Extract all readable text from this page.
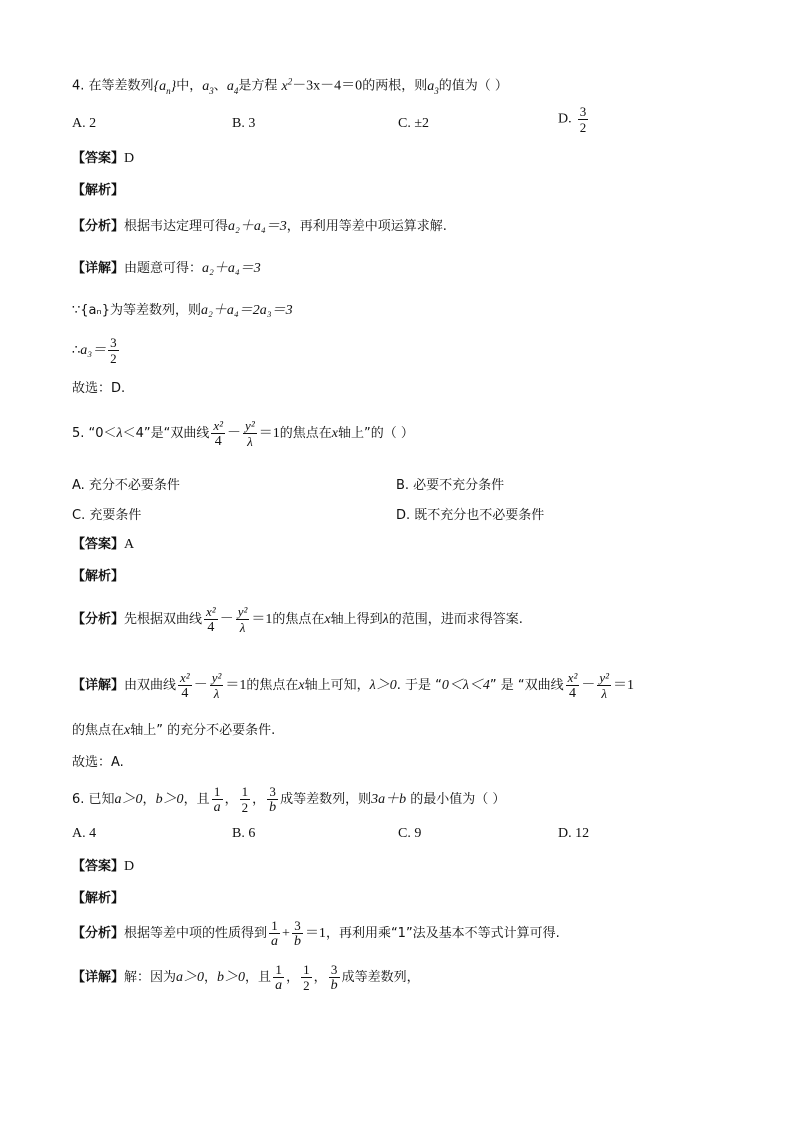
4. 在等差数列$\{a_n\}$中，$a_3$、$a_4$是方程 $x^2-3x-4=0$的两根，则$a_3$的值为（ ）
A. 2	B. 3	C. ±2	D. $\frac{3}{2}$
【答案】D
【解析】
【分析】根据韦达定理可得a₂＋a₄＝3，再利用等差中项运算求解.
【详解】由题意可得：a₂＋a₄＝3
∵{aₙ}为等差数列，则a₂＋a₄＝2a₃＝3
∴a₃＝ $\frac{3}{2}$
故选：D.
5. “0＜λ＜4”是“双曲线 $\frac{\text{x²}}{4} - \frac{\text{y²}}{\lambda} =1$的焦点在x轴上”的（ ）
A. 充分不必要条件	B. 必要不充分条件
C. 充要条件	D. 既不充分也不必要条件
【答案】A
【解析】
【分析】先根据双曲线 $\frac{\text{x²}}{4} - \frac{\text{y²}}{\lambda} =1$的焦点在x轴上得到λ的范围，进而求得答案.
【详解】由双曲线 $\frac{\text{x²}}{4} - \frac{\text{y²}}{\lambda} =1$的焦点在x轴上可知，λ＞0. 于是 “0＜λ＜4” 是 “双曲线 $\frac{\text{x²}}{4} - \frac{\text{y²}}{\lambda} =1$
的焦点在x轴上” 的充分不必要条件.
故选：A.
6. 已知a＞0，b＞0，且 $\frac{1}{a}$ ， $\frac{1}{2}$ ， $\frac{3}{b}$ 成等差数列，则3a＋b 的最小值为（ ）
A. 4	B. 6	C. 9	D. 12
【答案】D
【解析】
【分析】根据等差中项的性质得到 $\frac{1}{a} + \frac{3}{b} =1$，再利用乘“1”法及基本不等式计算可得.
【详解】解：因为a＞0，b＞0，且 $\frac{1}{a}$ ， $\frac{1}{2}$ ， $\frac{3}{b}$ 成等差数列，
